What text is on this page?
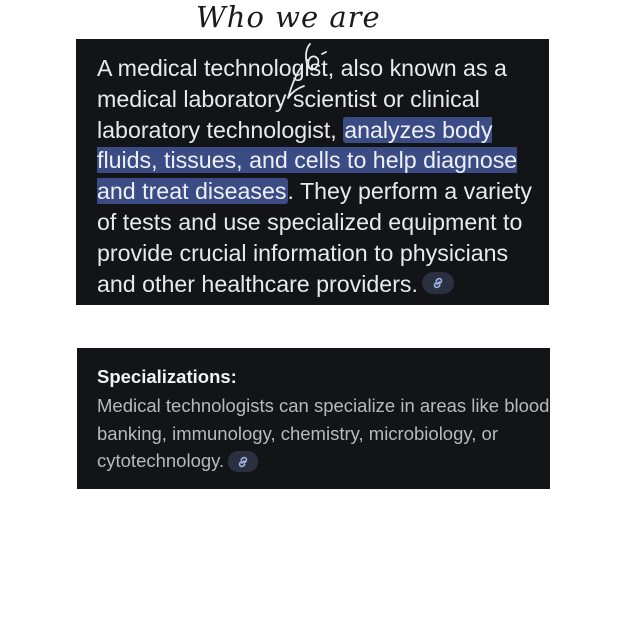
Who we are

A medical technologist, also known as a medical laboratory scientist or clinical laboratory technologist, analyzes body fluids, tissues, and cells to help diagnose and treat diseases. They perform a variety of tests and use specialized equipment to provide crucial information to physicians and other healthcare providers.

Specializations:

Medical technologists can specialize in areas like blood banking, immunology, chemistry, microbiology, or cytotechnology.
